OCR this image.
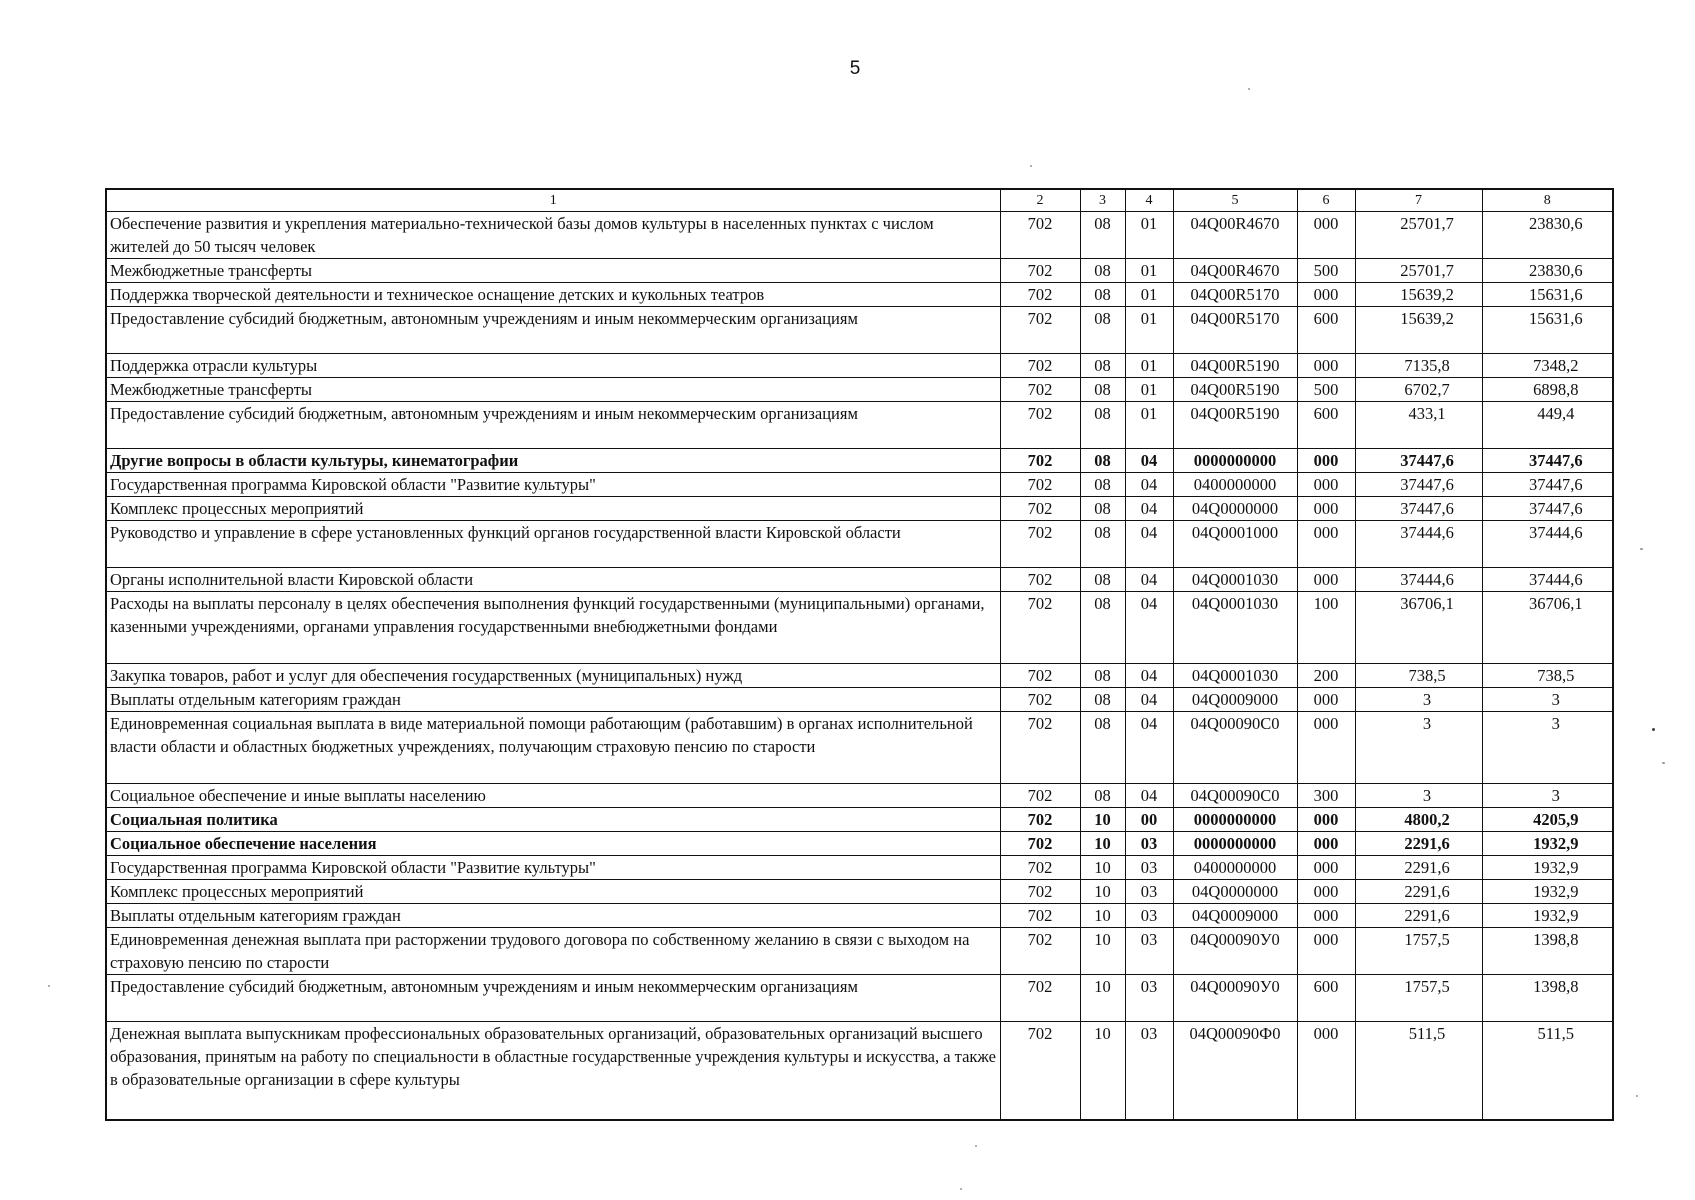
5
1	2	3	4	5	6	7	8
Обеспечение развития и укрепления материально-технической базы домов культуры в населенных пунктах с числом жителей до 50 тысяч человек	702	08	01	04Q00R4670	000	25701,7	23830,6
Межбюджетные трансферты	702	08	01	04Q00R4670	500	25701,7	23830,6
Поддержка творческой деятельности и техническое оснащение детских и кукольных театров	702	08	01	04Q00R5170	000	15639,2	15631,6
Предоставление субсидий бюджетным, автономным учреждениям и иным некоммерческим организациям	702	08	01	04Q00R5170	600	15639,2	15631,6
Поддержка отрасли культуры	702	08	01	04Q00R5190	000	7135,8	7348,2
Межбюджетные трансферты	702	08	01	04Q00R5190	500	6702,7	6898,8
Предоставление субсидий бюджетным, автономным учреждениям и иным некоммерческим организациям	702	08	01	04Q00R5190	600	433,1	449,4
Другие вопросы в области культуры, кинематографии	702	08	04	0000000000	000	37447,6	37447,6
Государственная программа Кировской области "Развитие культуры"	702	08	04	0400000000	000	37447,6	37447,6
Комплекс процессных мероприятий	702	08	04	04Q0000000	000	37447,6	37447,6
Руководство и управление в сфере установленных функций органов государственной власти Кировской области	702	08	04	04Q0001000	000	37444,6	37444,6
Органы исполнительной власти Кировской области	702	08	04	04Q0001030	000	37444,6	37444,6
Расходы на выплаты персоналу в целях обеспечения выполнения функций государственными (муниципальными) органами, казенными учреждениями, органами управления государственными внебюджетными фондами	702	08	04	04Q0001030	100	36706,1	36706,1
Закупка товаров, работ и услуг для обеспечения государственных (муниципальных) нужд	702	08	04	04Q0001030	200	738,5	738,5
Выплаты отдельным категориям граждан	702	08	04	04Q0009000	000	3	3
Единовременная социальная выплата в виде материальной помощи работающим (работавшим) в органах исполнительной власти области и областных бюджетных учреждениях, получающим страховую пенсию по старости	702	08	04	04Q00090C0	000	3	3
Социальное обеспечение и иные выплаты населению	702	08	04	04Q00090C0	300	3	3
Социальная политика	702	10	00	0000000000	000	4800,2	4205,9
Социальное обеспечение населения	702	10	03	0000000000	000	2291,6	1932,9
Государственная программа Кировской области "Развитие культуры"	702	10	03	0400000000	000	2291,6	1932,9
Комплекс процессных мероприятий	702	10	03	04Q0000000	000	2291,6	1932,9
Выплаты отдельным категориям граждан	702	10	03	04Q0009000	000	2291,6	1932,9
Единовременная денежная выплата при расторжении трудового договора по собственному желанию в связи с выходом на страховую пенсию по старости	702	10	03	04Q00090У0	000	1757,5	1398,8
Предоставление субсидий бюджетным, автономным учреждениям и иным некоммерческим организациям	702	10	03	04Q00090У0	600	1757,5	1398,8
Денежная выплата выпускникам профессиональных образовательных организаций, образовательных организаций высшего образования, принятым на работу по специальности в областные государственные учреждения культуры и искусства, а также в образовательные организации в сфере культуры	702	10	03	04Q00090Ф0	000	511,5	511,5
